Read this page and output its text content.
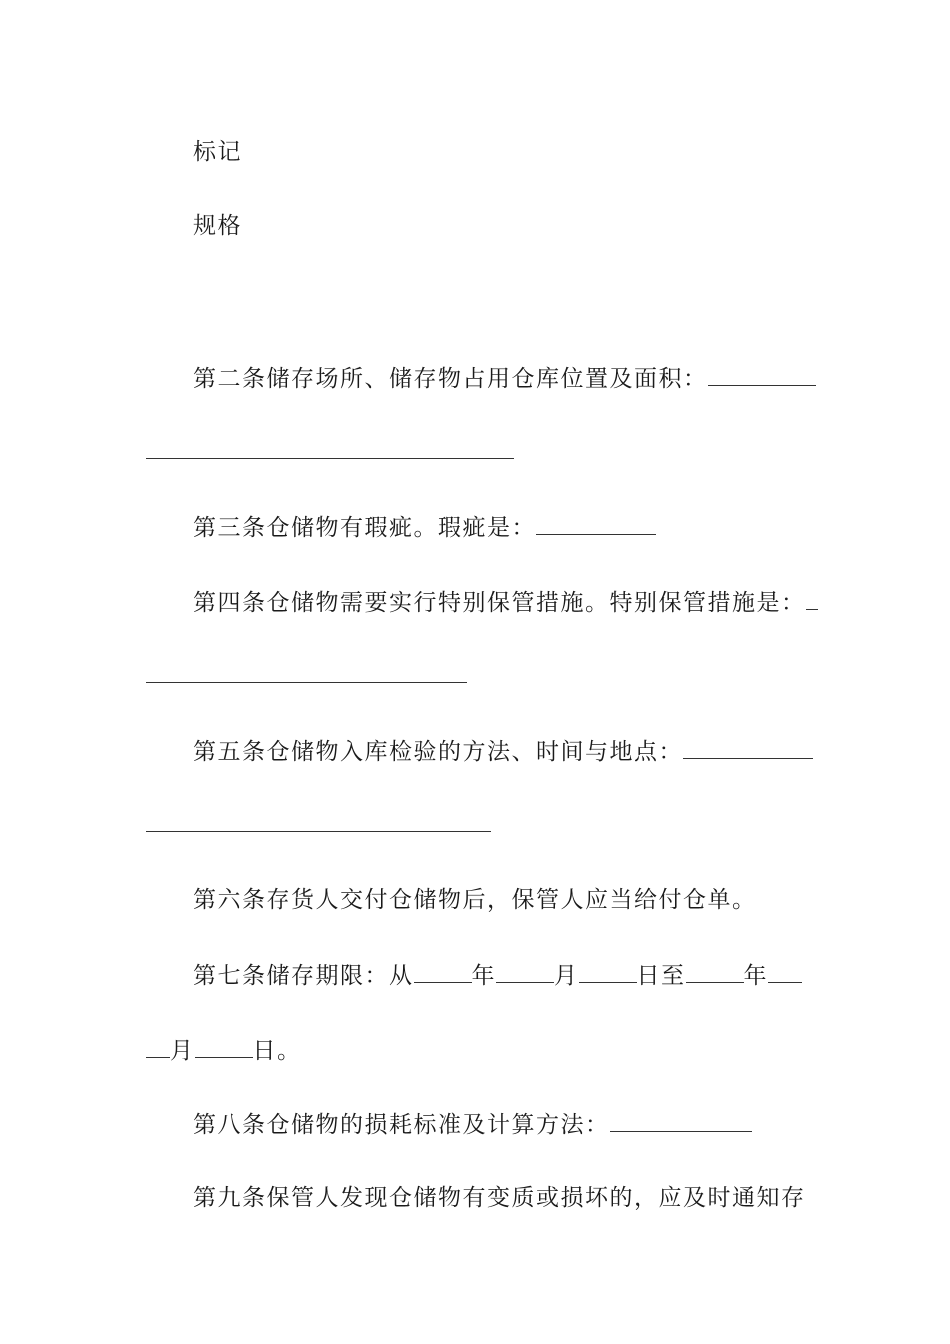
标记
规格
第二条储存场所、储存物占用仓库位置及面积：
第三条仓储物有瑕疵。瑕疵是：
第四条仓储物需要实行特别保管措施。特别保管措施是：
第五条仓储物入库检验的方法、时间与地点：
第六条存货人交付仓储物后，保管人应当给付仓单。
第七条储存期限：从	年	月	日至	年
月	日。
第八条仓储物的损耗标准及计算方法：
第九条保管人发现仓储物有变质或损坏的，应及时通知存
